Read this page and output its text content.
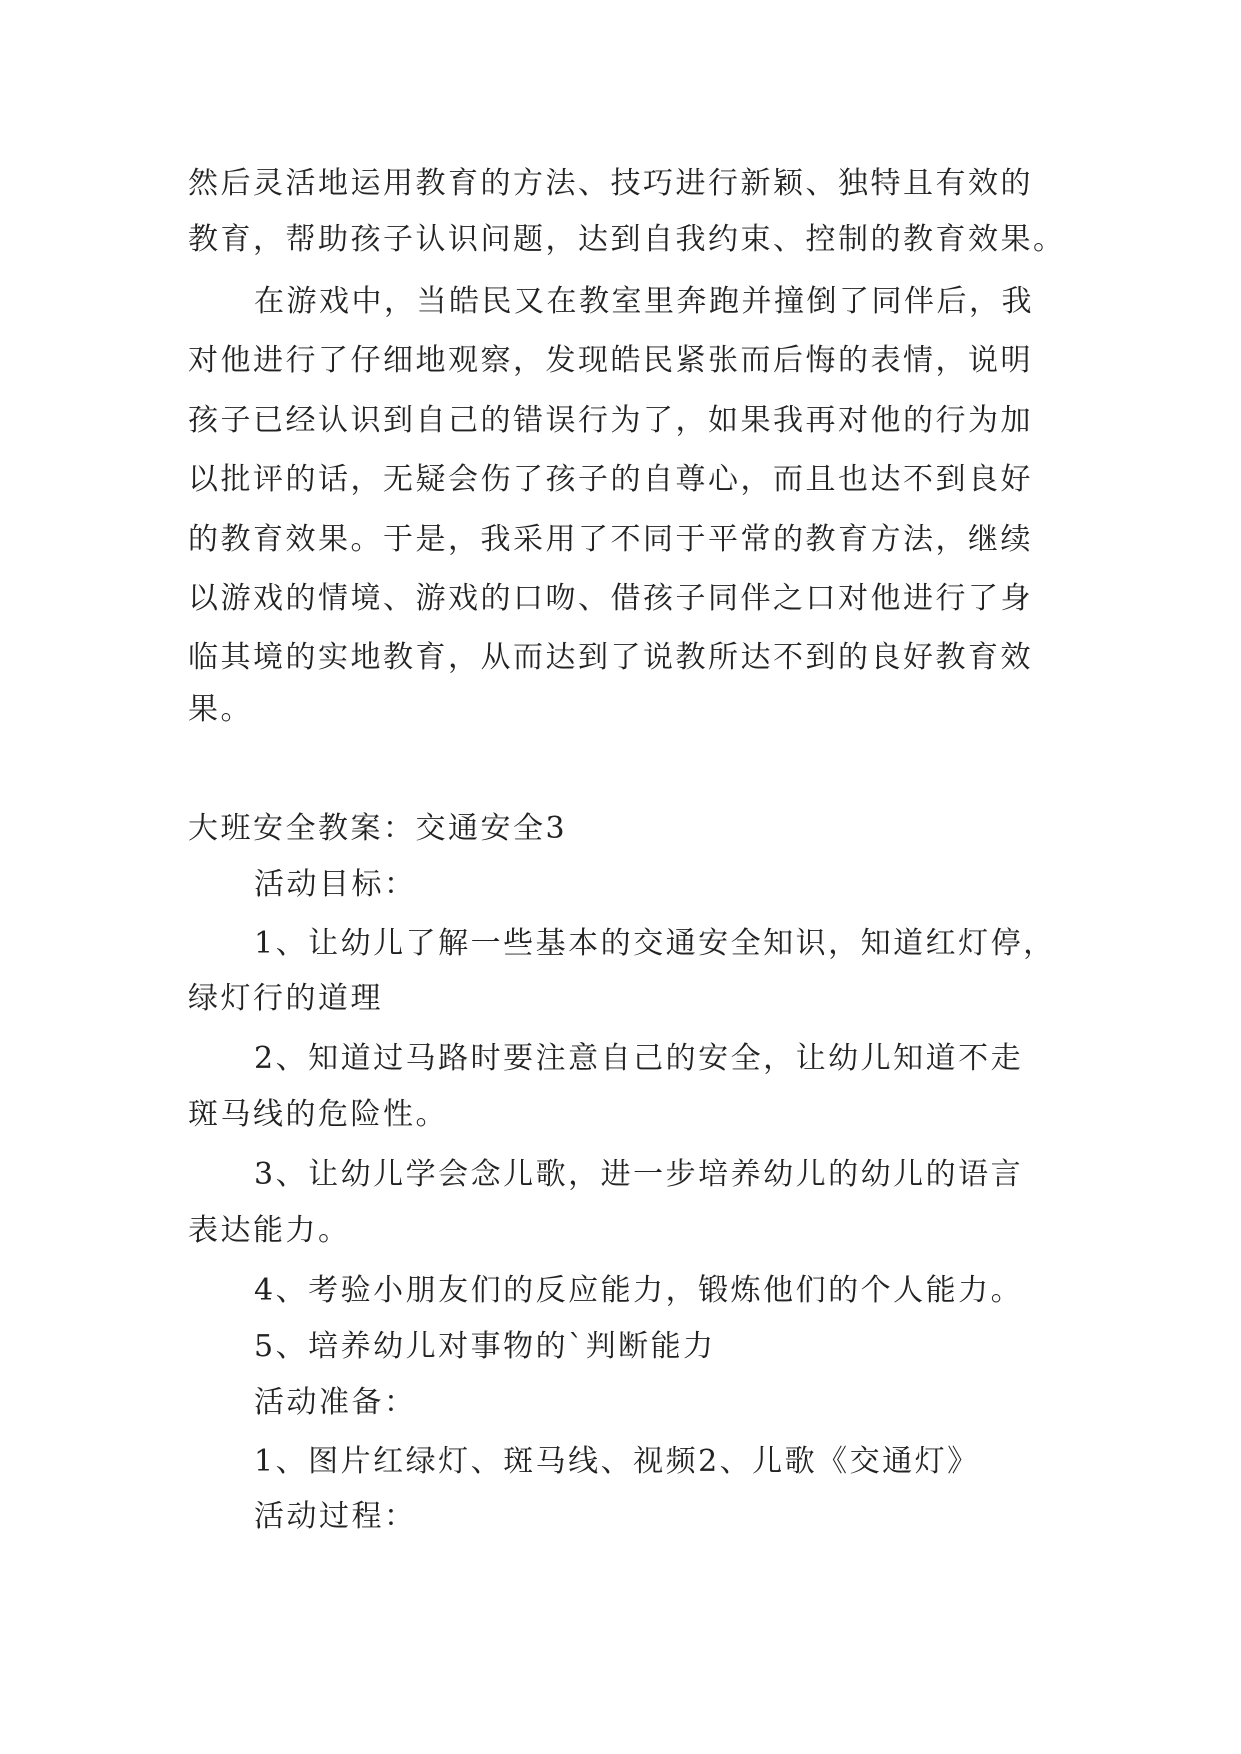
然后灵活地运用教育的方法、技巧进行新颖、独特且有效的

教育，帮助孩子认识问题，达到自我约束、控制的教育效果。

在游戏中，当皓民又在教室里奔跑并撞倒了同伴后，我

对他进行了仔细地观察，发现皓民紧张而后悔的表情，说明

孩子已经认识到自己的错误行为了，如果我再对他的行为加

以批评的话，无疑会伤了孩子的自尊心，而且也达不到良好

的教育效果。于是，我采用了不同于平常的教育方法，继续

以游戏的情境、游戏的口吻、借孩子同伴之口对他进行了身

临其境的实地教育，从而达到了说教所达不到的良好教育效

果。

大班安全教案：交通安全3

活动目标：

1、让幼儿了解一些基本的交通安全知识，知道红灯停，

绿灯行的道理

2、知道过马路时要注意自己的安全，让幼儿知道不走

斑马线的危险性。

3、让幼儿学会念儿歌，进一步培养幼儿的幼儿的语言

表达能力。

4、考验小朋友们的反应能力，锻炼他们的个人能力。

5、培养幼儿对事物的`判断能力

活动准备：

1、图片红绿灯、斑马线、视频2、儿歌《交通灯》

活动过程：
